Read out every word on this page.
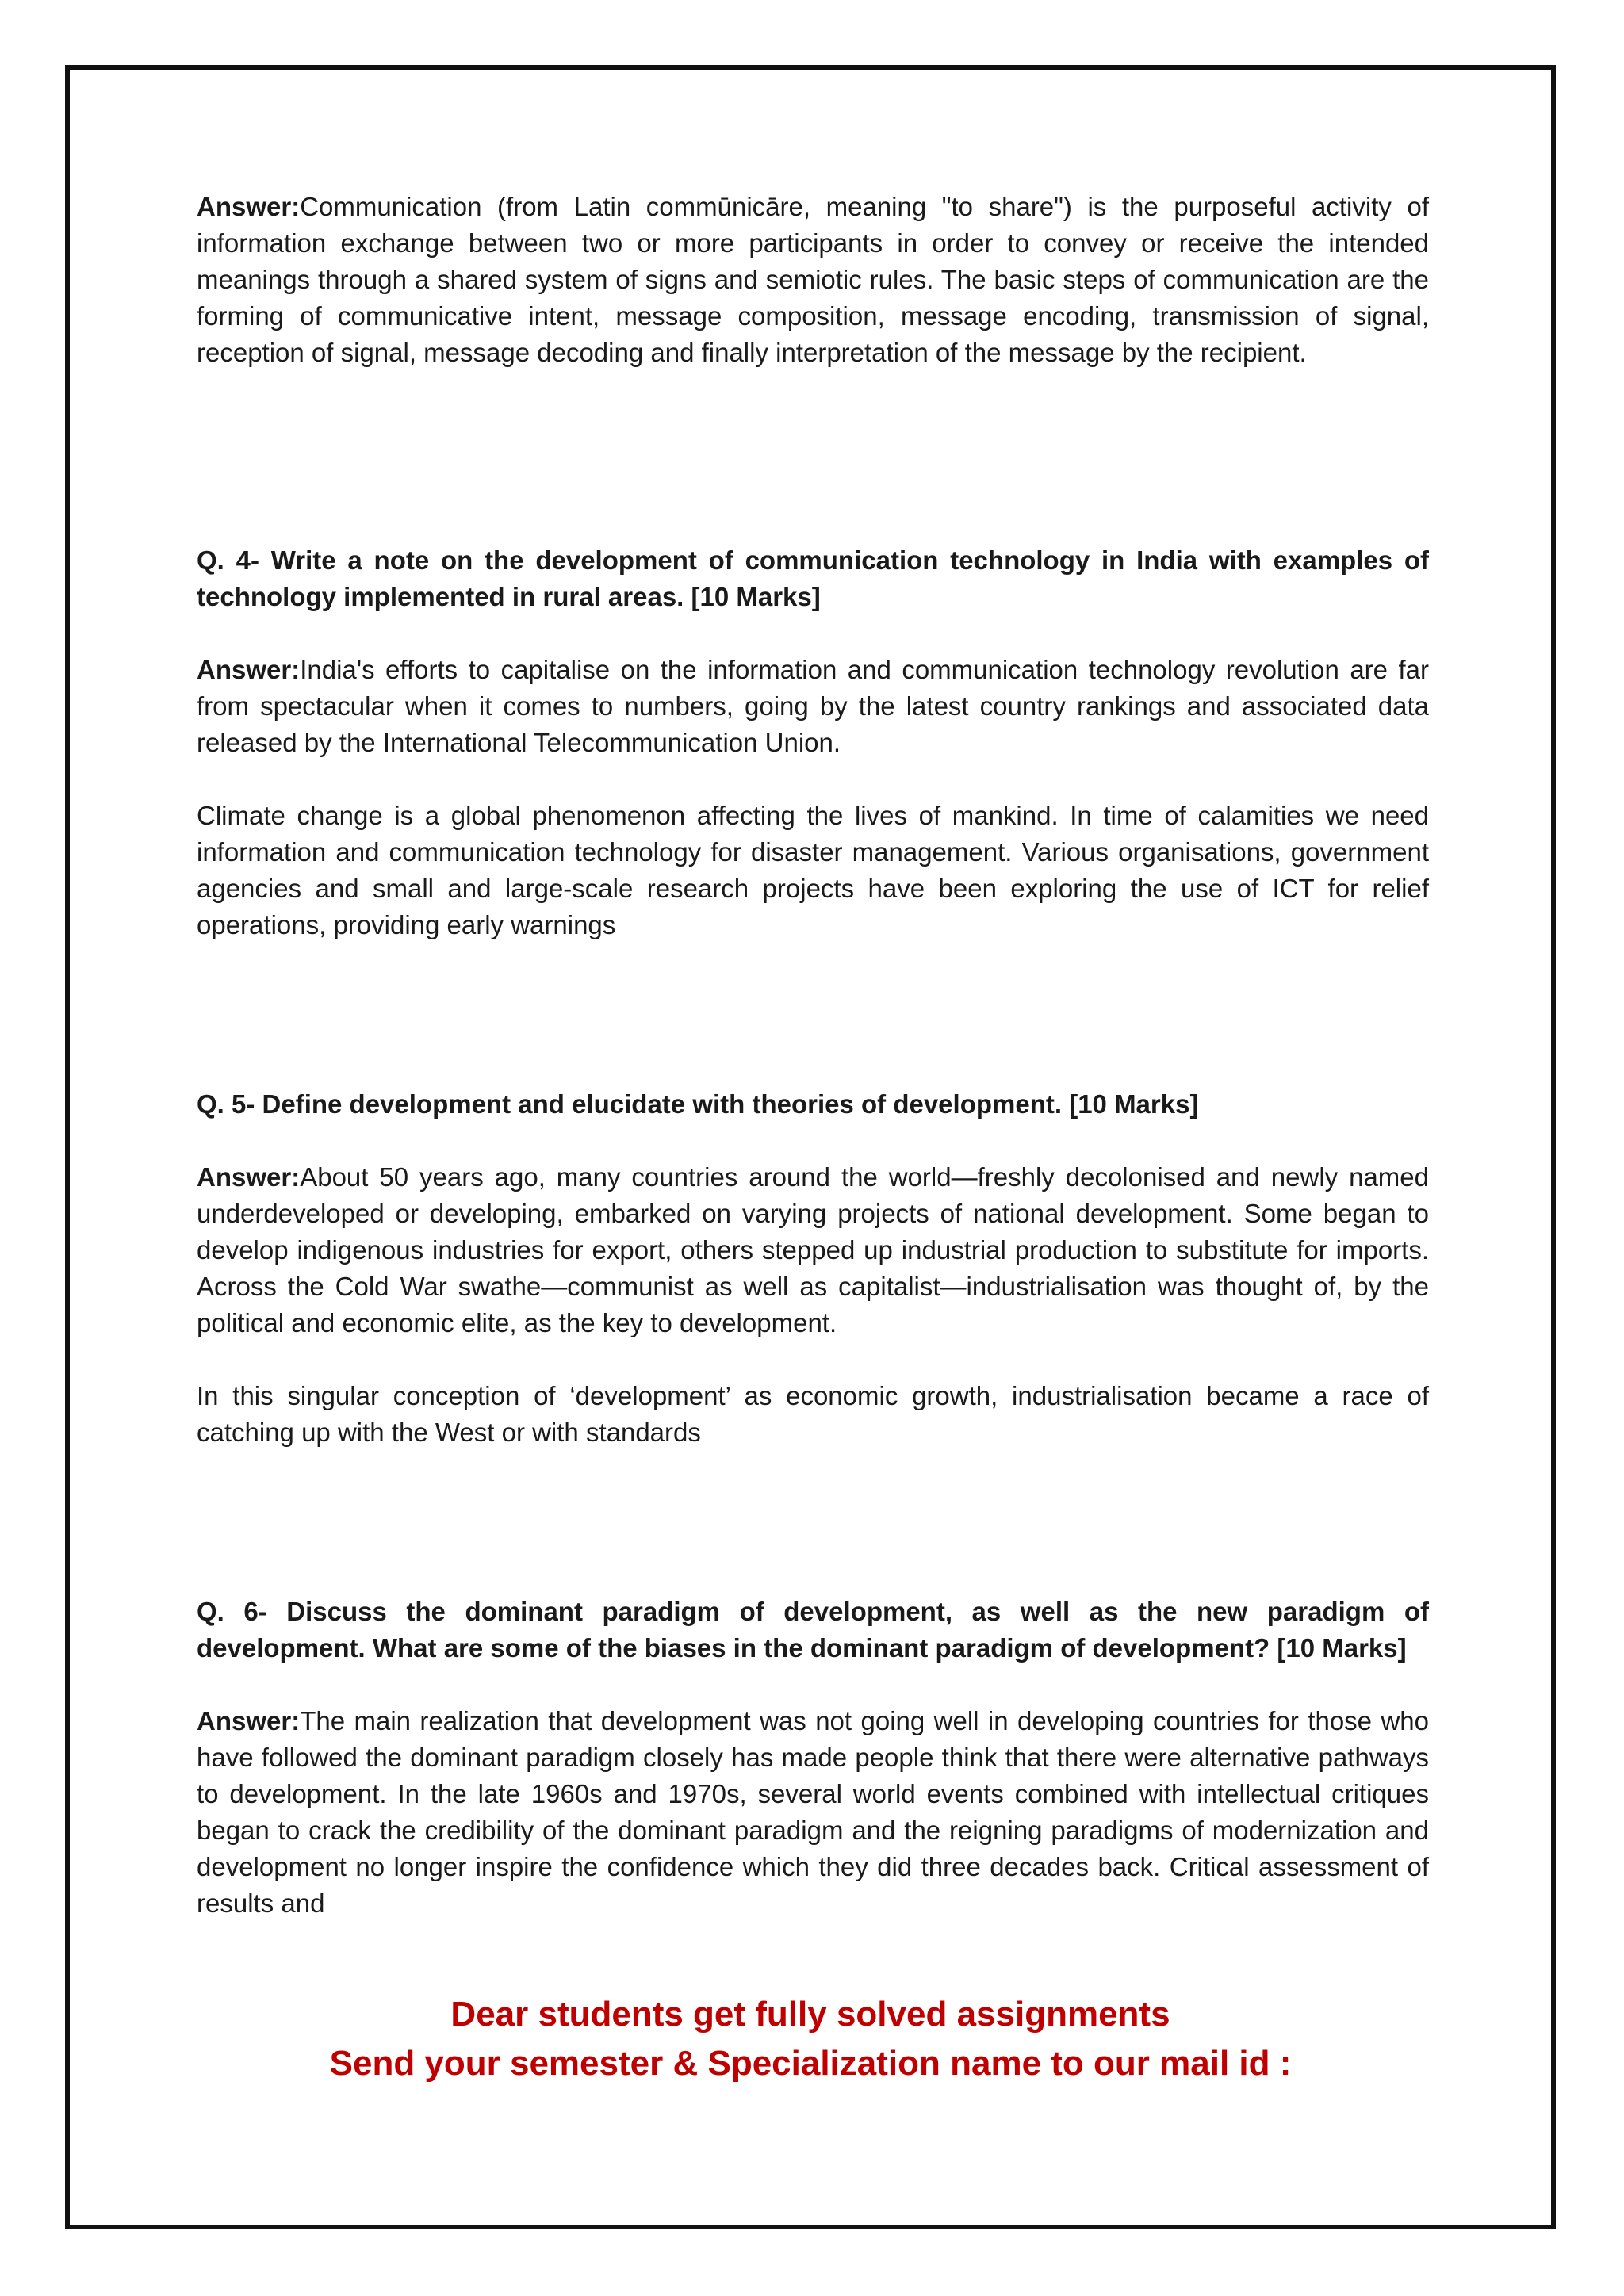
Answer:Communication (from Latin commūnicāre, meaning "to share") is the purposeful activity of information exchange between two or more participants in order to convey or receive the intended meanings through a shared system of signs and semiotic rules. The basic steps of communication are the forming of communicative intent, message composition, message encoding, transmission of signal, reception of signal, message decoding and finally interpretation of the message by the recipient.

Q. 4- Write a note on the development of communication technology in India with examples of technology implemented in rural areas. [10 Marks]

Answer:India's efforts to capitalise on the information and communication technology revolution are far from spectacular when it comes to numbers, going by the latest country rankings and associated data released by the International Telecommunication Union.

Climate change is a global phenomenon affecting the lives of mankind. In time of calamities we need information and communication technology for disaster management. Various organisations, government agencies and small and large-scale research projects have been exploring the use of ICT for relief operations, providing early warnings

Q. 5- Define development and elucidate with theories of development. [10 Marks]

Answer:About 50 years ago, many countries around the world—freshly decolonised and newly named underdeveloped or developing, embarked on varying projects of national development. Some began to develop indigenous industries for export, others stepped up industrial production to substitute for imports. Across the Cold War swathe—communist as well as capitalist—industrialisation was thought of, by the political and economic elite, as the key to development.

In this singular conception of ‘development’ as economic growth, industrialisation became a race of catching up with the West or with standards

Q. 6- Discuss the dominant paradigm of development, as well as the new paradigm of development. What are some of the biases in the dominant paradigm of development? [10 Marks]

Answer:The main realization that development was not going well in developing countries for those who have followed the dominant paradigm closely has made people think that there were alternative pathways to development. In the late 1960s and 1970s, several world events combined with intellectual critiques began to crack the credibility of the dominant paradigm and the reigning paradigms of modernization and development no longer inspire the confidence which they did three decades back. Critical assessment of results and

Dear students get fully solved assignments
Send your semester & Specialization name to our mail id :
